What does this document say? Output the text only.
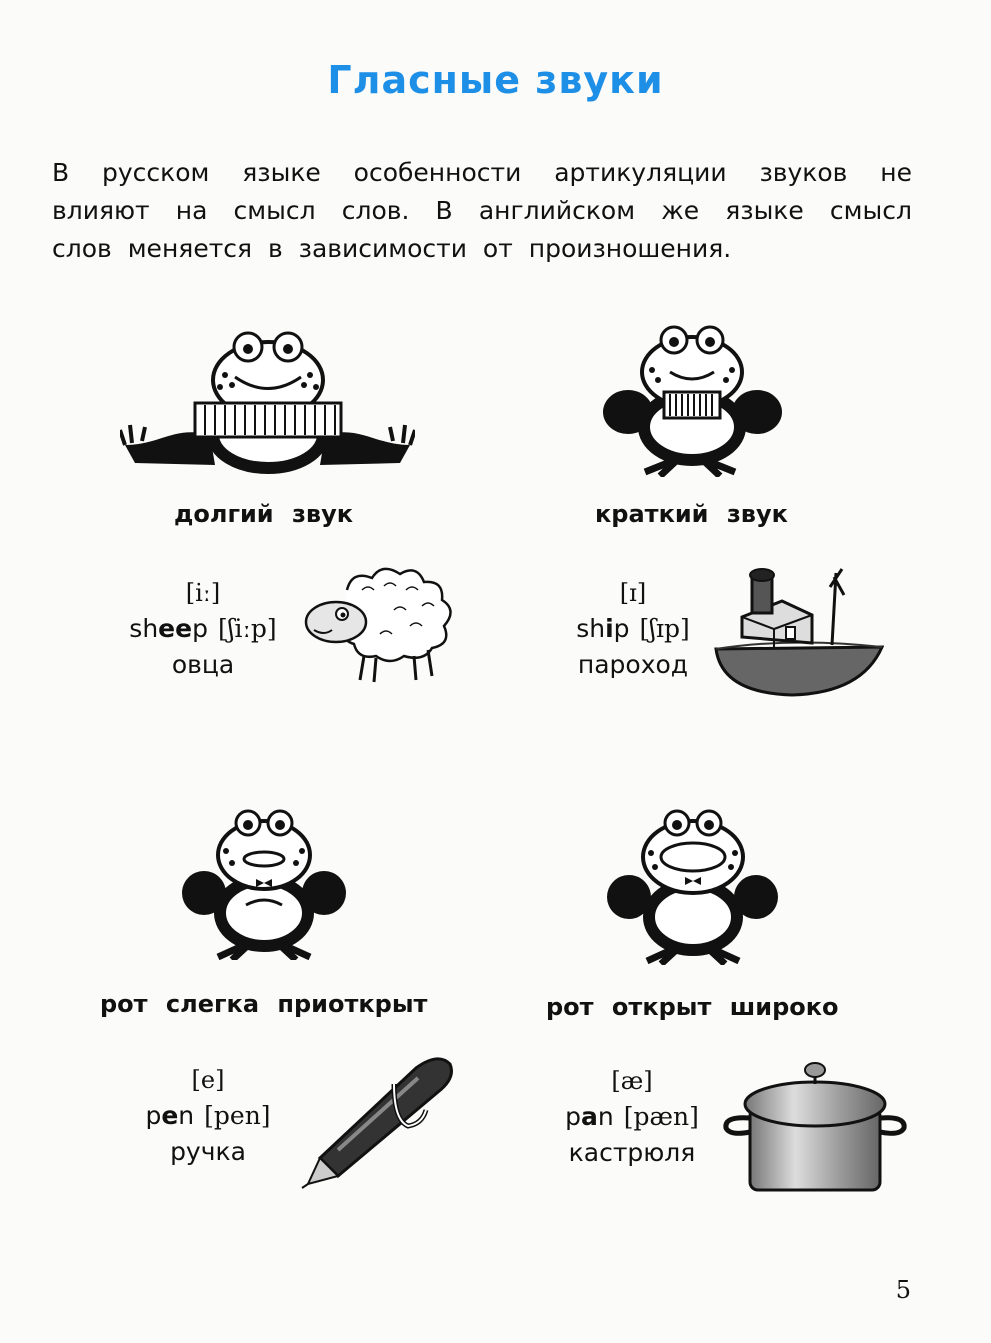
Гласные звуки
В русском языке особенности артикуляции звуков не
влияют на смысл слов. В английском же языке смысл
слов меняется в зависимости от произношения.
долгий звук	краткий звук
[iː]
sheep [ʃiːp]
овца
[ɪ]
ship [ʃɪp]
пароход
рот слегка приоткрыт	рот открыт широко
[e]
pen [pen]
ручка
[æ]
pan [pæn]
кастрюля
5
